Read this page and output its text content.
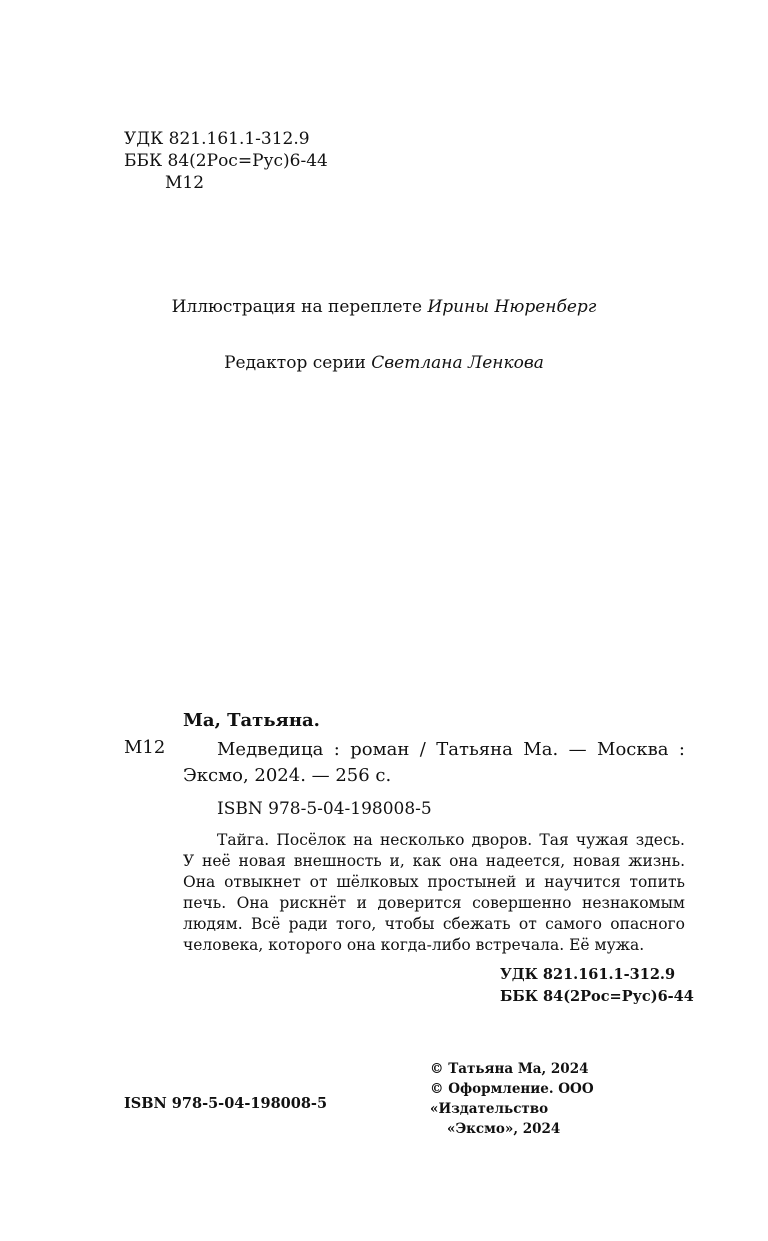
УДК 821.161.1-312.9
ББК 84(2Рос=Рус)6-44
М12
Иллюстрация на переплете Ирины Нюренберг
Редактор серии Светлана Ленкова
Ма, Татьяна.
М12	Медведица : роман / Татьяна Ма. — Москва : Эксмо, 2024. — 256 с.
ISBN 978-5-04-198008-5
Тайга. Посёлок на несколько дворов. Тая чужая здесь. У неё новая внешность и, как она надеется, новая жизнь. Она отвыкнет от шёлковых простыней и научится топить печь. Она рискнёт и доверится совершенно незнакомым людям. Всё ради того, чтобы сбежать от самого опасного человека, которого она когда-либо встречала. Её мужа.
УДК 821.161.1-312.9
ББК 84(2Рос=Рус)6-44
© Татьяна Ма, 2024
© Оформление. ООО «Издательство
«Эксмо», 2024
ISBN 978-5-04-198008-5
